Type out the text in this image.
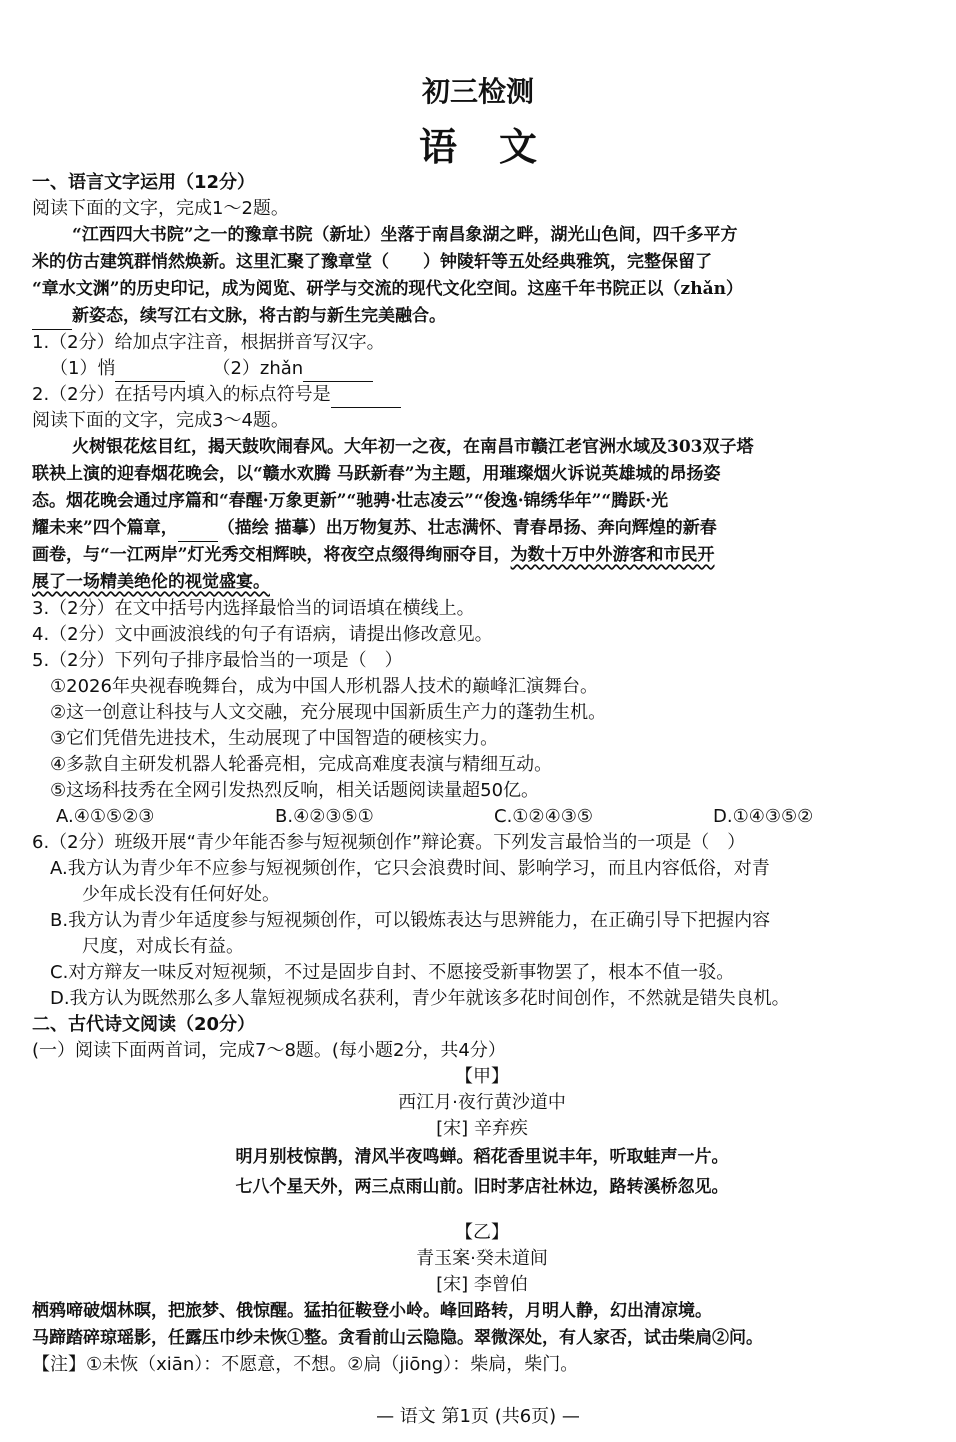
初三检测
语文
一、语言文字运用（12分）
阅读下面的文字，完成1～2题。
“江西四大书院”之一的豫章书院（新址）坐落于南昌象湖之畔，湖光山色间，四千多平方
米的仿古建筑群悄然焕新。这里汇聚了豫章堂（　　）钟陵轩等五处经典雅筑，完整保留了
“章水文渊”的历史印记，成为阅览、研学与交流的现代文化空间。这座千年书院正以（zhǎn）
新姿态，续写江右文脉，将古韵与新生完美融合。
1.（2分）给加点字注音，根据拼音写汉字。
（1）悄　　	（2）zhǎn
2.（2分）在括号内填入的标点符号是
阅读下面的文字，完成3～4题。
火树银花炫目红，揭天鼓吹闹春风。大年初一之夜，在南昌市赣江老官洲水域及303双子塔
联袂上演的迎春烟花晚会，以“赣水欢腾 马跃新春”为主题，用璀璨烟火诉说英雄城的昂扬姿
态。烟花晚会通过序篇和“春醒·万象更新”“驰骋·壮志凌云”“俊逸·锦绣华年”“腾跃·光
耀未来”四个篇章， （描绘 描摹）出万物复苏、壮志满怀、青春昂扬、奔向辉煌的新春
画卷，与“一江两岸”灯光秀交相辉映，将夜空点缀得绚丽夺目，为数十万中外游客和市民开
展了一场精美绝伦的视觉盛宴。
3.（2分）在文中括号内选择最恰当的词语填在横线上。
4.（2分）文中画波浪线的句子有语病，请提出修改意见。
5.（2分）下列句子排序最恰当的一项是（　）
①2026年央视春晚舞台，成为中国人形机器人技术的巅峰汇演舞台。
②这一创意让科技与人文交融，充分展现中国新质生产力的蓬勃生机。
③它们凭借先进技术，生动展现了中国智造的硬核实力。
④多款自主研发机器人轮番亮相，完成高难度表演与精细互动。
⑤这场科技秀在全网引发热烈反响，相关话题阅读量超50亿。
A.④①⑤②③	B.④②③⑤①	C.①②④③⑤	D.①④③⑤②
6.（2分）班级开展“青少年能否参与短视频创作”辩论赛。下列发言最恰当的一项是（　）
A.我方认为青少年不应参与短视频创作，它只会浪费时间、影响学习，而且内容低俗，对青
少年成长没有任何好处。
B.我方认为青少年适度参与短视频创作，可以锻炼表达与思辨能力，在正确引导下把握内容
尺度，对成长有益。
C.对方辩友一味反对短视频，不过是固步自封、不愿接受新事物罢了，根本不值一驳。
D.我方认为既然那么多人靠短视频成名获利，青少年就该多花时间创作，不然就是错失良机。
二、古代诗文阅读（20分）
(一）阅读下面两首词，完成7～8题。(每小题2分，共4分）
【甲】
西江月·夜行黄沙道中
[宋] 辛弃疾
明月别枝惊鹊，清风半夜鸣蝉。稻花香里说丰年，听取蛙声一片。
七八个星天外，两三点雨山前。旧时茅店社林边，路转溪桥忽见。
【乙】
青玉案·癸未道间
[宋] 李曾伯
栖鸦啼破烟林暝，把旅梦、俄惊醒。猛拍征鞍登小岭。峰回路转，月明人静，幻出清凉境。
马蹄踏碎琼瑶影，任露压巾纱未恢①整。贪看前山云隐隐。翠微深处，有人家否，试击柴扃②问。
【注】①未恢（xiān）：不愿意，不想。②扃（jiōng）：柴扃，柴门。
— 语文 第1页 (共6页) —
